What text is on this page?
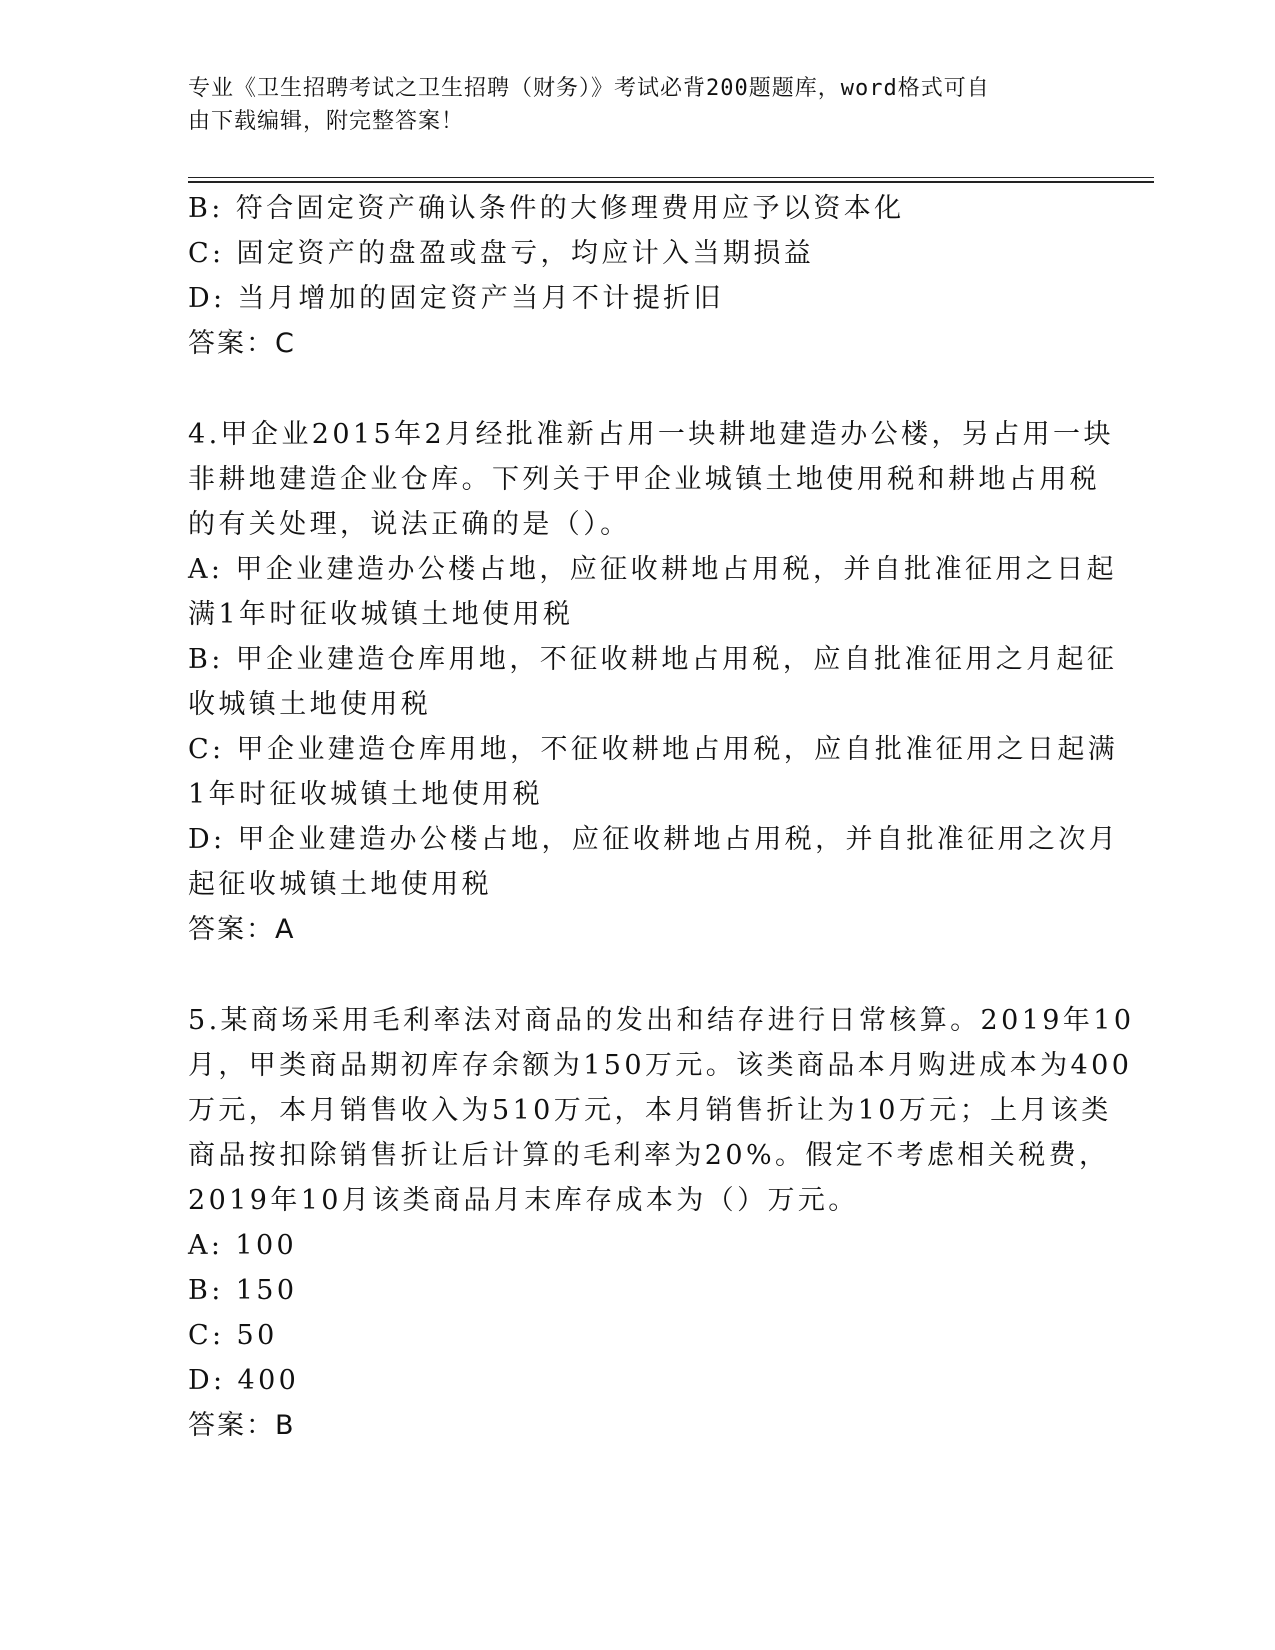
专业《卫生招聘考试之卫生招聘（财务）》考试必背200题题库，word格式可自
由下载编辑，附完整答案！
B: 符合固定资产确认条件的大修理费用应予以资本化
C: 固定资产的盘盈或盘亏，均应计入当期损益
D: 当月增加的固定资产当月不计提折旧
答案：C
4.甲企业2015年2月经批准新占用一块耕地建造办公楼，另占用一块
非耕地建造企业仓库。下列关于甲企业城镇土地使用税和耕地占用税
的有关处理，说法正确的是（）。
A: 甲企业建造办公楼占地，应征收耕地占用税，并自批准征用之日起
满1年时征收城镇土地使用税
B: 甲企业建造仓库用地，不征收耕地占用税，应自批准征用之月起征
收城镇土地使用税
C: 甲企业建造仓库用地，不征收耕地占用税，应自批准征用之日起满
1年时征收城镇土地使用税
D: 甲企业建造办公楼占地，应征收耕地占用税，并自批准征用之次月
起征收城镇土地使用税
答案：A
5.某商场采用毛利率法对商品的发出和结存进行日常核算。2019年10
月，甲类商品期初库存余额为150万元。该类商品本月购进成本为400
万元，本月销售收入为510万元，本月销售折让为10万元；上月该类
商品按扣除销售折让后计算的毛利率为20%。假定不考虑相关税费，
2019年10月该类商品月末库存成本为（）万元。
A: 100
B: 150
C: 50
D: 400
答案：B
